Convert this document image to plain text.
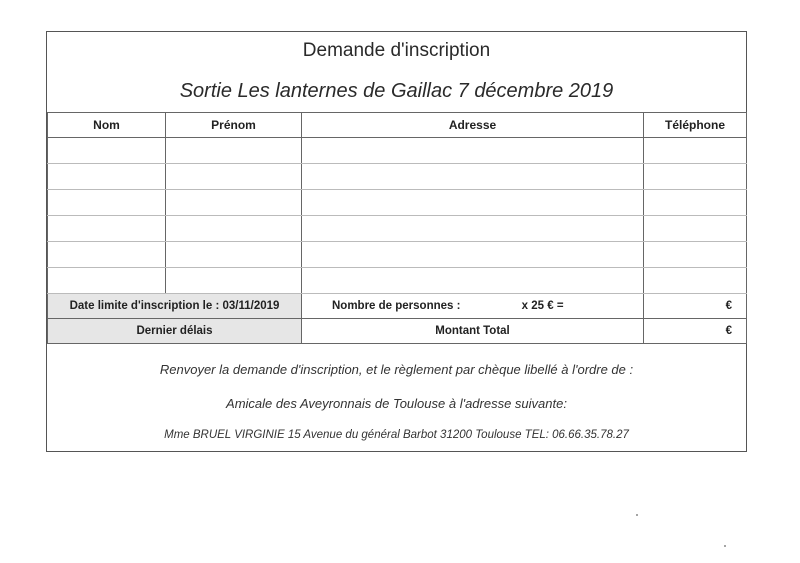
Demande d'inscription
Sortie Les lanternes de Gaillac 7 décembre 2019
Nom	Prénom	Adresse	Téléphone

Date limite d'inscription le : 03/11/2019		Nombre de personnes : x 25 € =	€
Dernier délais		Montant Total	€
Renvoyer la demande d'inscription, et le règlement par chèque libellé à l'ordre de :
Amicale des Aveyronnais de Toulouse à l'adresse suivante:
Mme BRUEL VIRGINIE 15 Avenue du général Barbot 31200 Toulouse TEL: 06.66.35.78.27
